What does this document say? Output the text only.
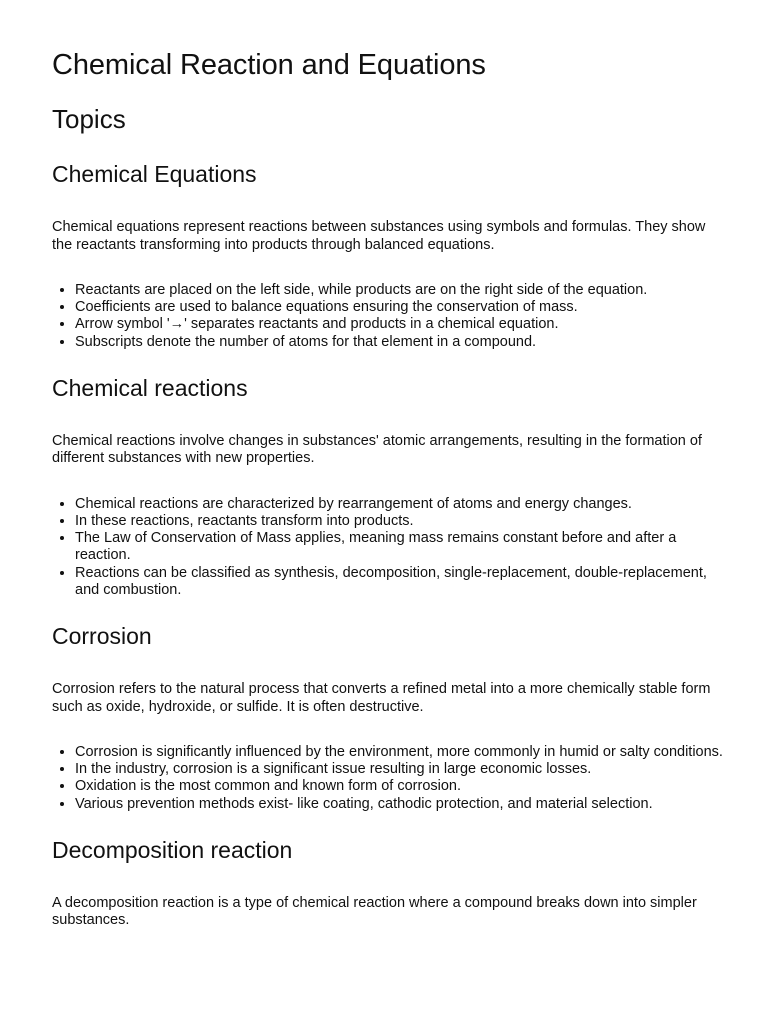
Chemical Reaction and Equations
Topics
Chemical Equations

Chemical equations represent reactions between substances using symbols and formulas. They show the reactants transforming into products through balanced equations.

• Reactants are placed on the left side, while products are on the right side of the equation.
• Coefficients are used to balance equations ensuring the conservation of mass.
• Arrow symbol '→' separates reactants and products in a chemical equation.
• Subscripts denote the number of atoms for that element in a compound.
Chemical reactions

Chemical reactions involve changes in substances' atomic arrangements, resulting in the formation of different substances with new properties.

• Chemical reactions are characterized by rearrangement of atoms and energy changes.
• In these reactions, reactants transform into products.
• The Law of Conservation of Mass applies, meaning mass remains constant before and after a reaction.
• Reactions can be classified as synthesis, decomposition, single-replacement, double-replacement, and combustion.
Corrosion

Corrosion refers to the natural process that converts a refined metal into a more chemically stable form such as oxide, hydroxide, or sulfide. It is often destructive.

• Corrosion is significantly influenced by the environment, more commonly in humid or salty conditions.
• In the industry, corrosion is a significant issue resulting in large economic losses.
• Oxidation is the most common and known form of corrosion.
• Various prevention methods exist- like coating, cathodic protection, and material selection.
Decomposition reaction

A decomposition reaction is a type of chemical reaction where a compound breaks down into simpler substances.
